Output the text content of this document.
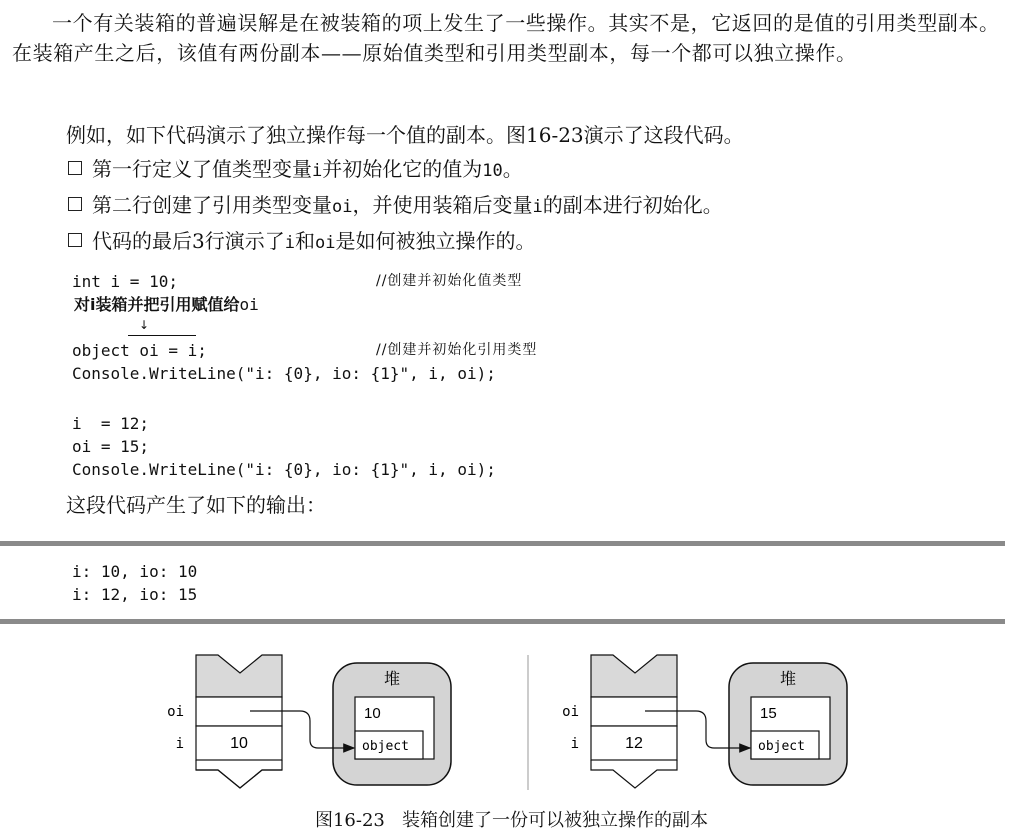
一个有关装箱的普遍误解是在被装箱的项上发生了一些操作。其实不是，它返回的是值的引用类型副本。在装箱产生之后，该值有两份副本——原始值类型和引用类型副本，每一个都可以独立操作。

例如，如下代码演示了独立操作每一个值的副本。图16-23演示了这段代码。

第一行定义了值类型变量i并初始化它的值为10。
第二行创建了引用类型变量oi，并使用装箱后变量i的副本进行初始化。
代码的最后3行演示了i和oi是如何被独立操作的。
int i = 10;	//创建并初始化值类型
对i装箱并把引用赋值给oi
↓
object oi = i;	//创建并初始化引用类型
Console.WriteLine("i: {0}, io: {1}", i, oi);
i  = 12;
oi = 15;
Console.WriteLine("i: {0}, io: {1}", i, oi);

这段代码产生了如下的输出：

i: 10, io: 10
i: 12, io: 15
oi
i	10
堆
10
object
oi
i	12
堆
15
object
图16-23 装箱创建了一份可以被独立操作的副本
